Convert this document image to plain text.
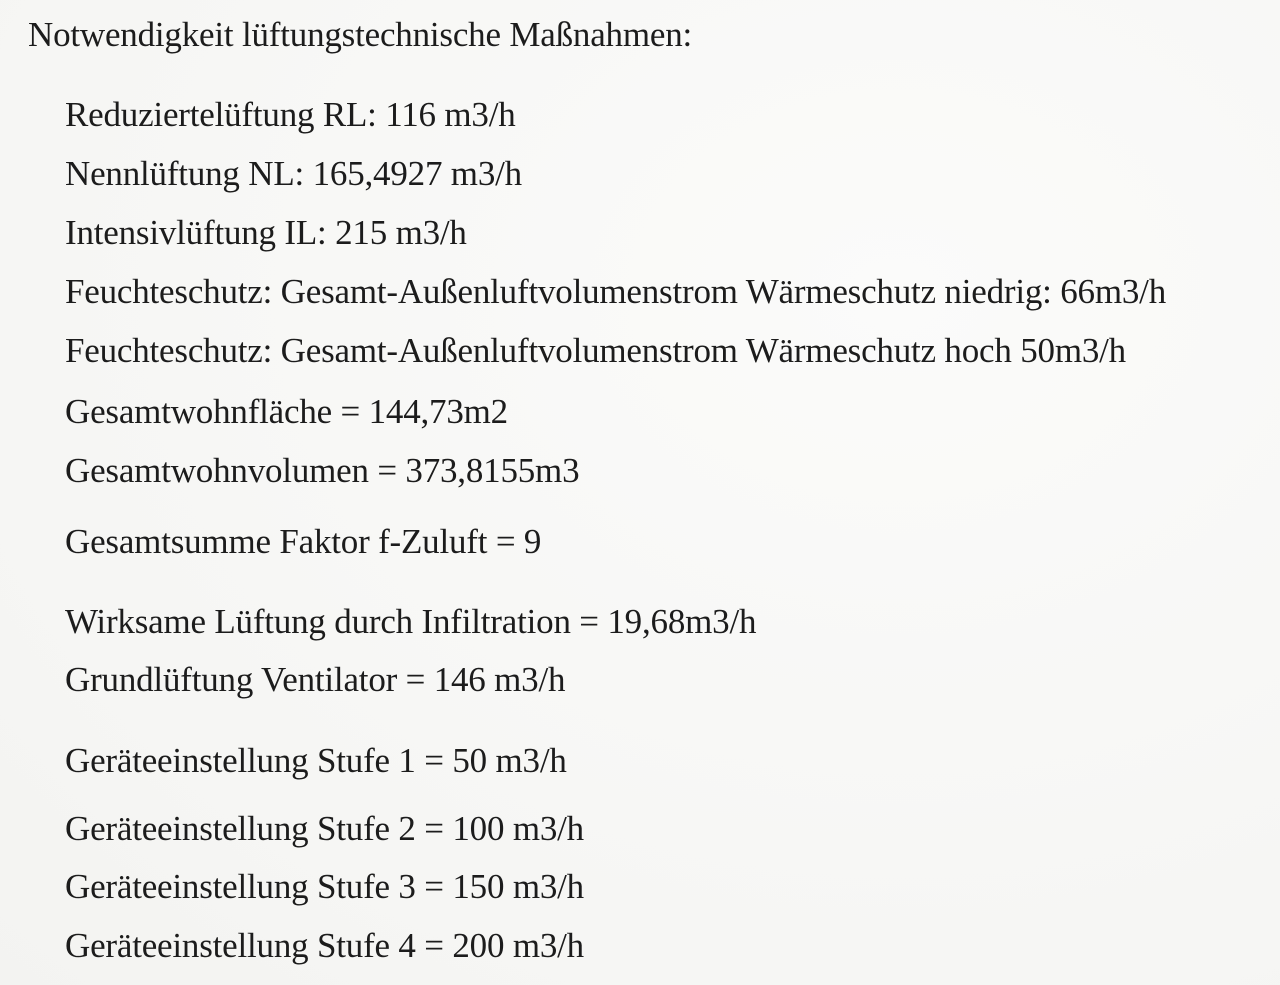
Notwendigkeit lüftungstechnische Maßnahmen:
Reduziertelüftung RL: 116 m3/h
Nennlüftung NL: 165,4927 m3/h
Intensivlüftung IL: 215 m3/h
Feuchteschutz: Gesamt-Außenluftvolumenstrom Wärmeschutz niedrig: 66m3/h
Feuchteschutz: Gesamt-Außenluftvolumenstrom Wärmeschutz hoch 50m3/h
Gesamtwohnfläche = 144,73m2
Gesamtwohnvolumen = 373,8155m3
Gesamtsumme Faktor f-Zuluft = 9
Wirksame Lüftung durch Infiltration = 19,68m3/h
Grundlüftung Ventilator = 146 m3/h
Geräteeinstellung Stufe 1 = 50 m3/h
Geräteeinstellung Stufe 2 = 100 m3/h
Geräteeinstellung Stufe 3 = 150 m3/h
Geräteeinstellung Stufe 4 = 200 m3/h
